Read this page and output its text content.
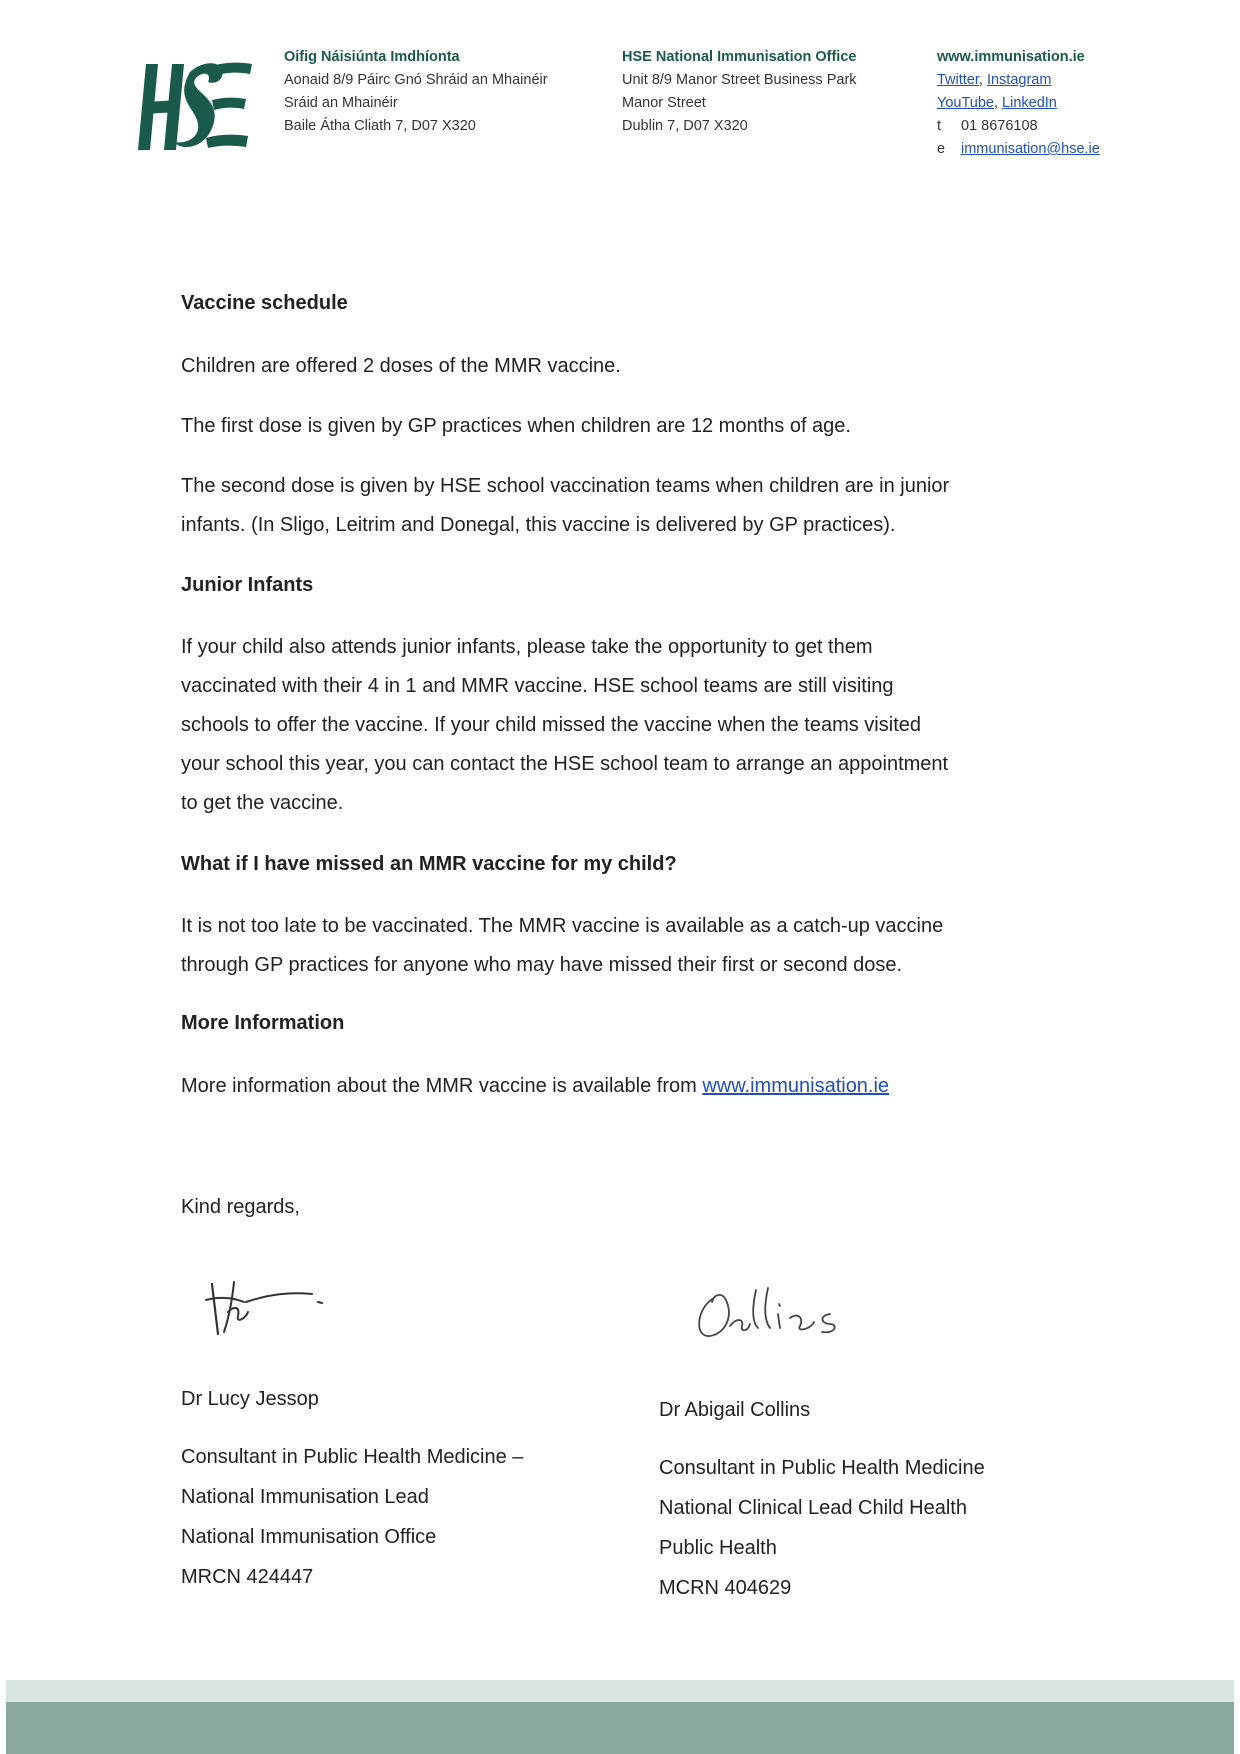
Oifig Náisiúnta Imdhíonta
Aonaid 8/9 Páirc Gnó Shráid an Mhainéir
Sráid an Mhainéir
Baile Átha Cliath 7, D07 X320
HSE National Immunisation Office
Unit 8/9 Manor Street Business Park
Manor Street
Dublin 7, D07 X320
www.immunisation.ie
Twitter, Instagram
YouTube, LinkedIn
t	01 8676108
e	immunisation@hse.ie
Vaccine schedule
Children are offered 2 doses of the MMR vaccine.
The first dose is given by GP practices when children are 12 months of age.
The second dose is given by HSE school vaccination teams when children are in junior
infants. (In Sligo, Leitrim and Donegal, this vaccine is delivered by GP practices).
Junior Infants
If your child also attends junior infants, please take the opportunity to get them
vaccinated with their 4 in 1 and MMR vaccine. HSE school teams are still visiting
schools to offer the vaccine. If your child missed the vaccine when the teams visited
your school this year, you can contact the HSE school team to arrange an appointment
to get the vaccine.
What if I have missed an MMR vaccine for my child?
It is not too late to be vaccinated. The MMR vaccine is available as a catch-up vaccine
through GP practices for anyone who may have missed their first or second dose.
More Information
More information about the MMR vaccine is available from www.immunisation.ie
Kind regards,
Dr Lucy Jessop
Consultant in Public Health Medicine –
National Immunisation Lead
National Immunisation Office
MRCN 424447
Dr Abigail Collins
Consultant in Public Health Medicine
National Clinical Lead Child Health
Public Health
MCRN 404629
